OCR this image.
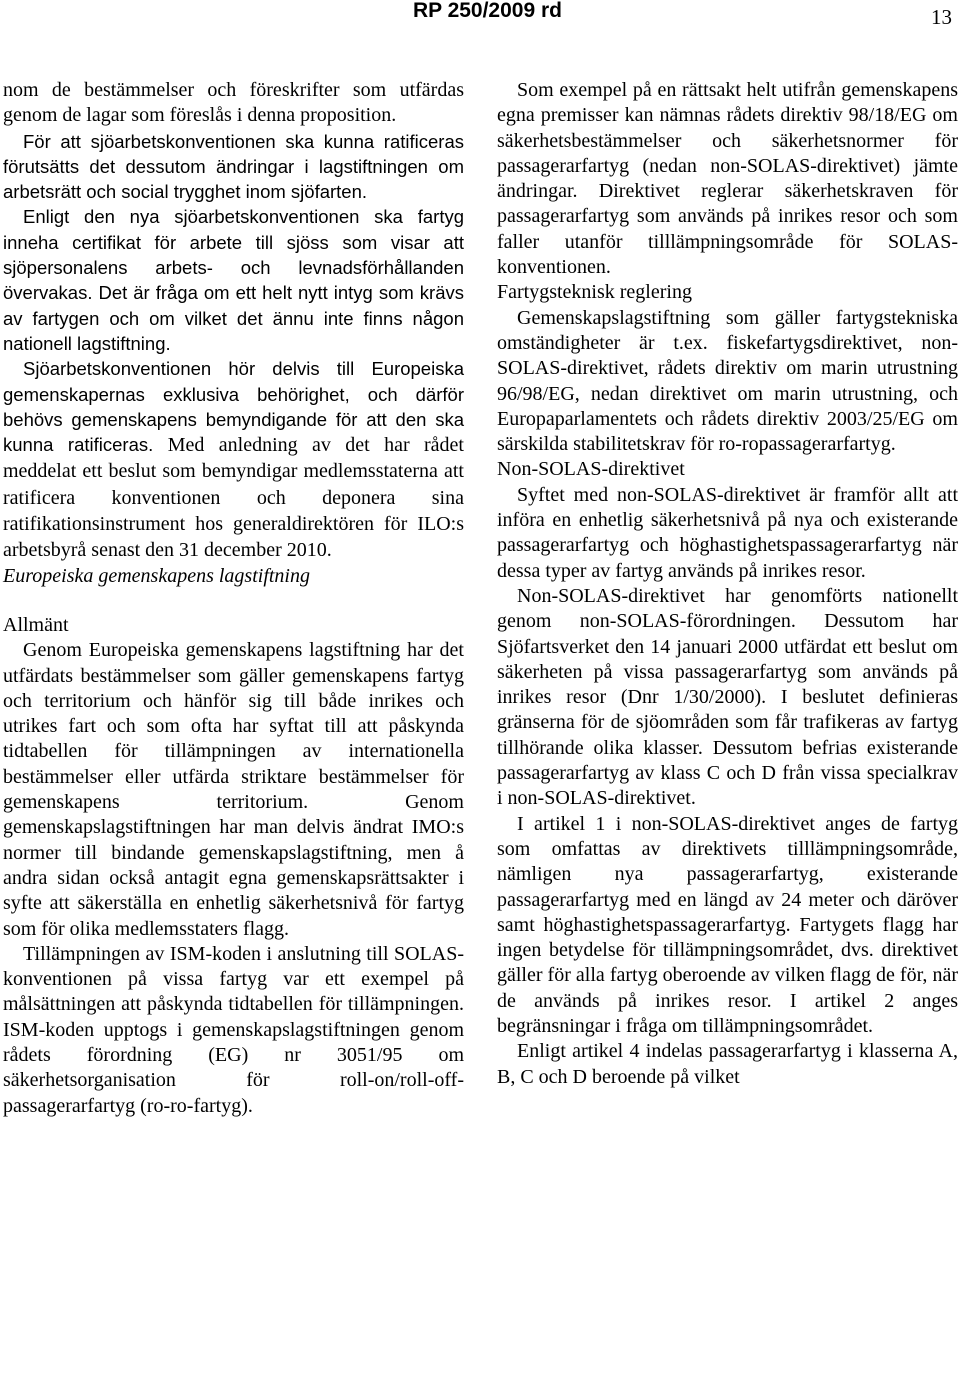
RP 250/2009 rd	13

nom de bestämmelser och föreskrifter som utfärdas genom de lagar som föreslås i denna proposition.

För att sjöarbetskonventionen ska kunna ratificeras förutsätts det dessutom ändringar i lagstiftningen om arbetsrätt och social trygghet inom sjöfarten.

Enligt den nya sjöarbetskonventionen ska fartyg inneha certifikat för arbete till sjöss som visar att sjöpersonalens arbets- och levnadsförhållanden övervakas. Det är fråga om ett helt nytt intyg som krävs av fartygen och om vilket det ännu inte finns någon nationell lagstiftning.

Sjöarbetskonventionen hör delvis till Europeiska gemenskapernas exklusiva behörighet, och därför behövs gemenskapens bemyndigande för att den ska kunna ratificeras. Med anledning av det har rådet meddelat ett beslut som bemyndigar medlemsstaterna att ratificera konventionen och deponera sina ratifikationsinstrument hos generaldirektören för ILO:s arbetsbyrå senast den 31 december 2010.

Europeiska gemenskapens lagstiftning

Allmänt

Genom Europeiska gemenskapens lagstiftning har det utfärdats bestämmelser som gäller gemenskapens fartyg och territorium och hänför sig till både inrikes och utrikes fart och som ofta har syftat till att påskynda tidtabellen för tillämpningen av internationella bestämmelser eller utfärda striktare bestämmelser för gemenskapens territorium.	Genom gemenskapslagstiftningen har man delvis ändrat IMO:s normer till bindande gemenskapslagstiftning, men å andra sidan också antagit egna gemenskapsrättsakter i syfte att säkerställa en enhetlig säkerhetsnivå för fartyg som för olika medlemsstaters flagg.

Tillämpningen av ISM-koden i anslutning till SOLAS-konventionen på vissa fartyg var ett exempel på målsättningen att påskynda tidtabellen för tillämpningen. ISM-koden upptogs i gemenskapslagstiftningen genom rådets förordning (EG) nr 3051/95 om säkerhetsorganisation för roll-on/roll-off-passagerarfartyg (ro-ro-fartyg).

Som exempel på en rättsakt helt utifrån gemenskapens egna premisser kan nämnas rådets direktiv 98/18/EG om säkerhetsbestämmelser och säkerhetsnormer för passagerarfartyg (nedan non-SOLAS-direktivet) jämte ändringar. Direktivet reglerar säkerhetskraven för passagerarfartyg som används på inrikes resor och som faller utanför tilllämpningsområde för SOLAS-konventionen.

Fartygsteknisk reglering

Gemenskapslagstiftning som gäller fartygstekniska omständigheter är t.ex. fiskefartygsdirektivet, non-SOLAS-direktivet, rådets direktiv om marin utrustning 96/98/EG, nedan direktivet om marin utrustning, och Europaparlamentets och rådets direktiv 2003/25/EG om särskilda stabilitetskrav för ro-ropassagerarfartyg.

Non-SOLAS-direktivet

Syftet med non-SOLAS-direktivet är framför allt att införa en enhetlig säkerhetsnivå på nya och existerande passagerarfartyg och höghastighetspassagerarfartyg när dessa typer av fartyg används på inrikes resor.

Non-SOLAS-direktivet har genomförts nationellt genom non-SOLAS-förordningen. Dessutom har Sjöfartsverket den 14 januari 2000 utfärdat ett beslut om säkerheten på vissa passagerarfartyg som används på inrikes resor (Dnr 1/30/2000). I beslutet definieras gränserna för de sjöområden som får trafikeras av fartyg tillhörande olika klasser. Dessutom befrias existerande passagerarfartyg av klass C och D från vissa specialkrav i non-SOLAS-direktivet.

I artikel 1 i non-SOLAS-direktivet anges de fartyg som omfattas av direktivets tilllämpningsområde, nämligen nya passagerarfartyg, existerande passagerarfartyg med en längd av 24 meter och däröver samt höghastighetspassagerarfartyg. Fartygets flagg har ingen betydelse för tillämpningsområdet, dvs. direktivet gäller för alla fartyg oberoende av vilken flagg de för, när de används på inrikes resor. I artikel 2 anges begränsningar i fråga om tillämpningsområdet.

Enligt artikel 4 indelas passagerarfartyg i klasserna A, B, C och D beroende på vilket
